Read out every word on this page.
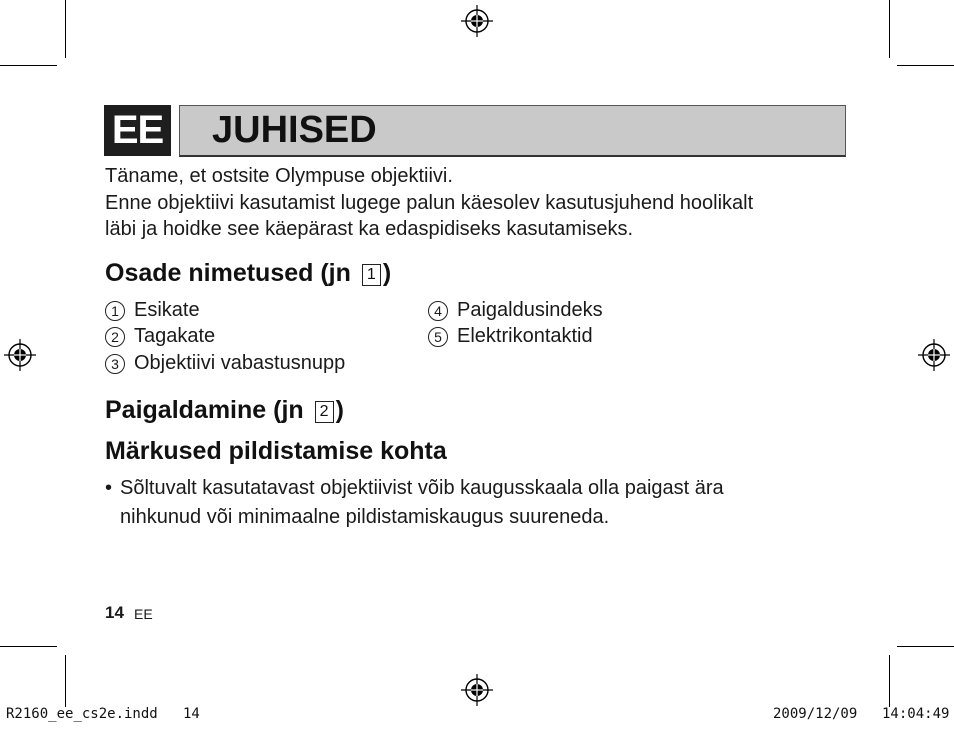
EE JUHISED
Täname, et ostsite Olympuse objektiivi.
Enne objektiivi kasutamist lugege palun käesolev kasutusjuhend hoolikalt
läbi ja hoidke see käepärast ka edaspidiseks kasutamiseks.
Osade nimetused (jn 1 )
1 Esikate
2 Tagakate
3 Objektiivi vabastusnupp
4 Paigaldusindeks
5 Elektrikontaktid
Paigaldamine (jn 2 )
Märkused pildistamise kohta
• Sõltuvalt kasutatavast objektiivist võib kaugusskaala olla paigast ära
nihkunud või minimaalne pildistamiskaugus suureneda.
14 EE
R2160_ee_cs2e.indd 14	2009/12/09 14:04:49
